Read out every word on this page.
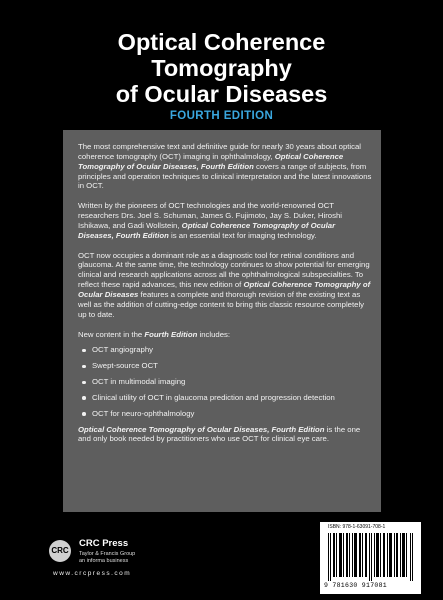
Optical Coherence
Tomography
of Ocular Diseases
FOURTH EDITION

The most comprehensive text and definitive guide for nearly 30 years about optical coherence tomography (OCT) imaging in ophthalmology, Optical Coherence Tomography of Ocular Diseases, Fourth Edition covers a range of subjects, from principles and operation techniques to clinical interpretation and the latest innovations in OCT.

Written by the pioneers of OCT technologies and the world-renowned OCT researchers Drs. Joel S. Schuman, James G. Fujimoto, Jay S. Duker, Hiroshi Ishikawa, and Gadi Wollstein, Optical Coherence Tomography of Ocular Diseases, Fourth Edition is an essential text for imaging technology.

OCT now occupies a dominant role as a diagnostic tool for retinal conditions and glaucoma. At the same time, the technology continues to show potential for emerging clinical and research applications across all the ophthalmological subspecialties. To reflect these rapid advances, this new edition of Optical Coherence Tomography of Ocular Diseases features a complete and thorough revision of the existing text as well as the addition of cutting-edge content to bring this classic resource completely up to date.

New content in the Fourth Edition includes:

OCT angiography
Swept-source OCT
OCT in multimodal imaging
Clinical utility of OCT in glaucoma prediction and progression detection
OCT for neuro-ophthalmology

Optical Coherence Tomography of Ocular Diseases, Fourth Edition is the one and only book needed by practitioners who use OCT for clinical eye care.

CRC
CRC Press
Taylor & Francis Group
an informa business
www.crcpress.com
ISBN: 978-1-63091-708-1
9 781630 917081
